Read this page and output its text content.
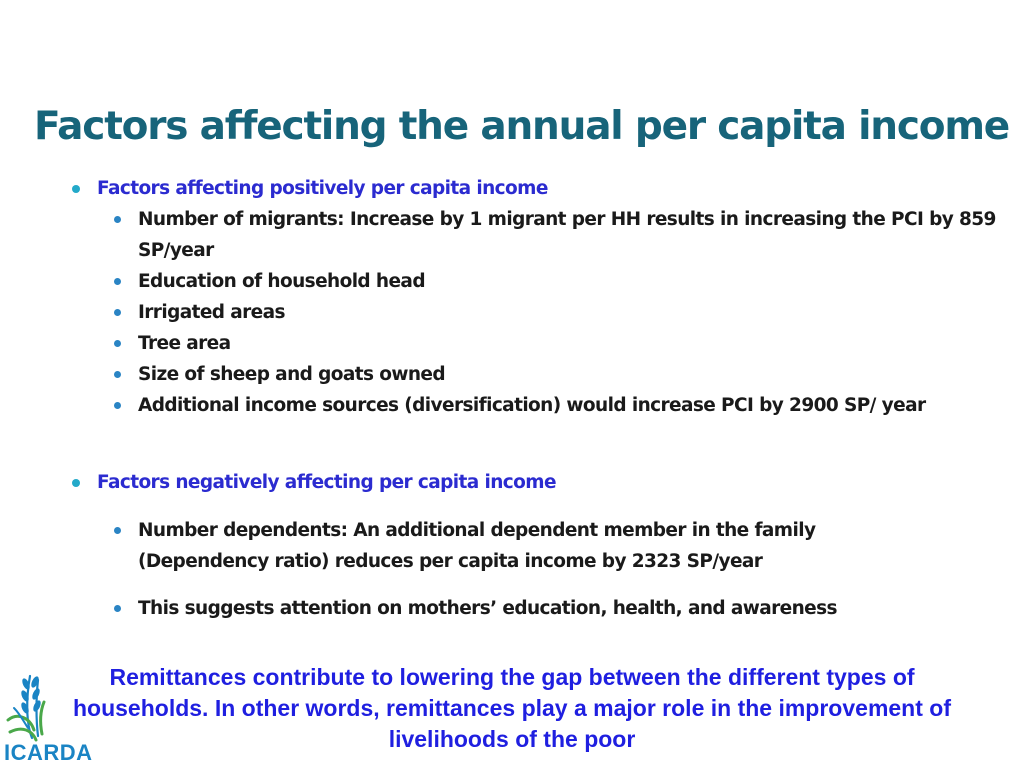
Factors affecting the annual per capita income
Factors affecting positively per capita income
Number of migrants: Increase by 1 migrant per HH results in increasing the PCI by 859 SP/year
Education of household head
Irrigated areas
Tree area
Size of sheep and goats owned
Additional income sources (diversification) would increase PCI by 2900 SP/ year
Factors negatively affecting per capita income
Number dependents: An additional dependent member in the family (Dependency ratio) reduces per capita income by 2323 SP/year
This suggests attention on mothers’ education, health, and awareness
Remittances contribute to lowering the gap between the different types of households. In other words, remittances play a major role in the improvement of livelihoods of the poor
ICARDA
